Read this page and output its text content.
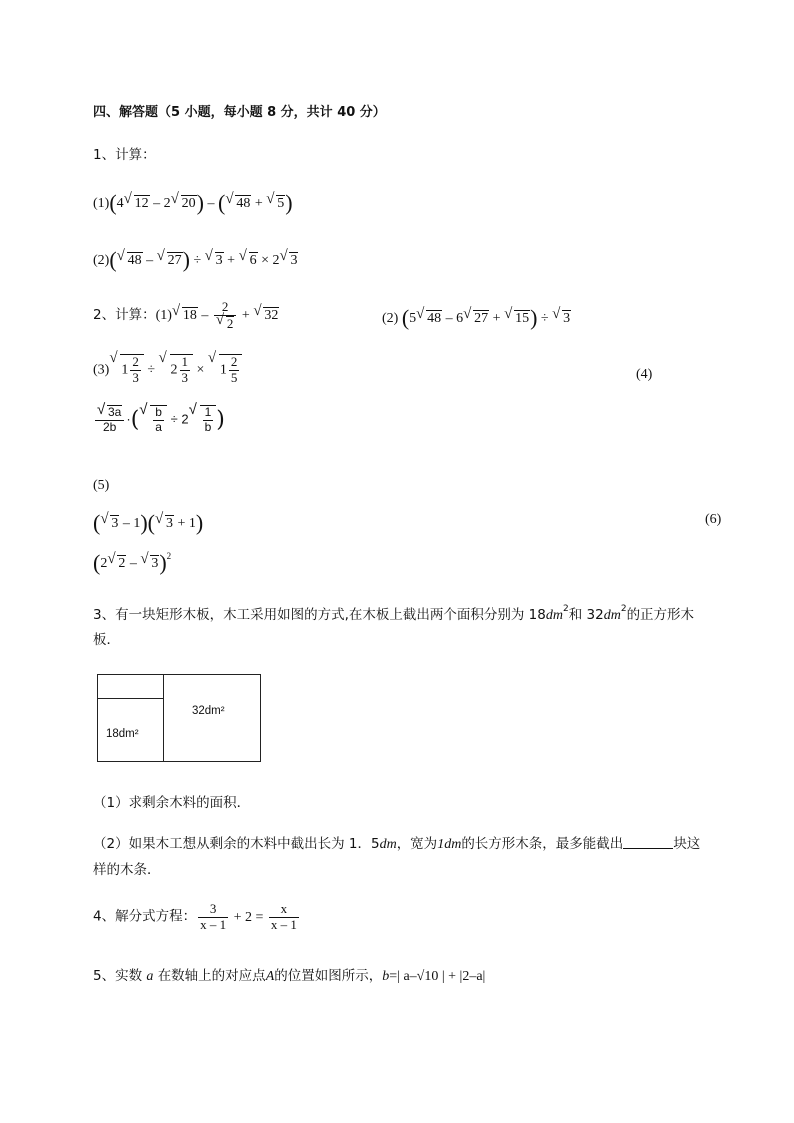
四、解答题（5 小题，每小题 8 分，共计 40 分）
1、计算：
(1)(4 √ 12 – 2 √ 20) – ( √ 48 + √ 5)
(2)( √ 48 – √ 27) ÷ √ 3 + √ 6 × 2 √ 3
2、计算：(1) √ 18 – 2
√ 2 + √ 32	(2) (5 √ 48 – 6 √ 27 + √ 15) ÷ √ 3
(3) √ $1 \frac{2}{3}$ ÷ √ $2 \frac{1}{3}$ × √ $1 \frac{2}{5}$	(4)
√ $\frac{3a}{2b}$ ·( √ $\frac{b}{a} \div 2$ √ $\frac{1}{b}$ )
(5)
( √ 3 – 1)( √ 3 + 1)	(6)
(2 √ 2 – √ 3)$^2$
3、有一块矩形木板，木工采用如图的方式,在木板上截出两个面积分别为 $18dm^2$和 $32dm^2$的正方形木
板．
18dm²
32dm²
（1）求剩余木料的面积．
（2）如果木工想从剩余的木料中截出长为 1．5dm，宽为1dm的长方形木条，最多能截出	块这
样的木条．
4、解分式方程： $\frac{3}{x - 1} + 2 = \frac{x}{x - 1}$
5、实数 a 在数轴上的对应点A的位置如图所示，b=| a–√10 | + |2–a|
